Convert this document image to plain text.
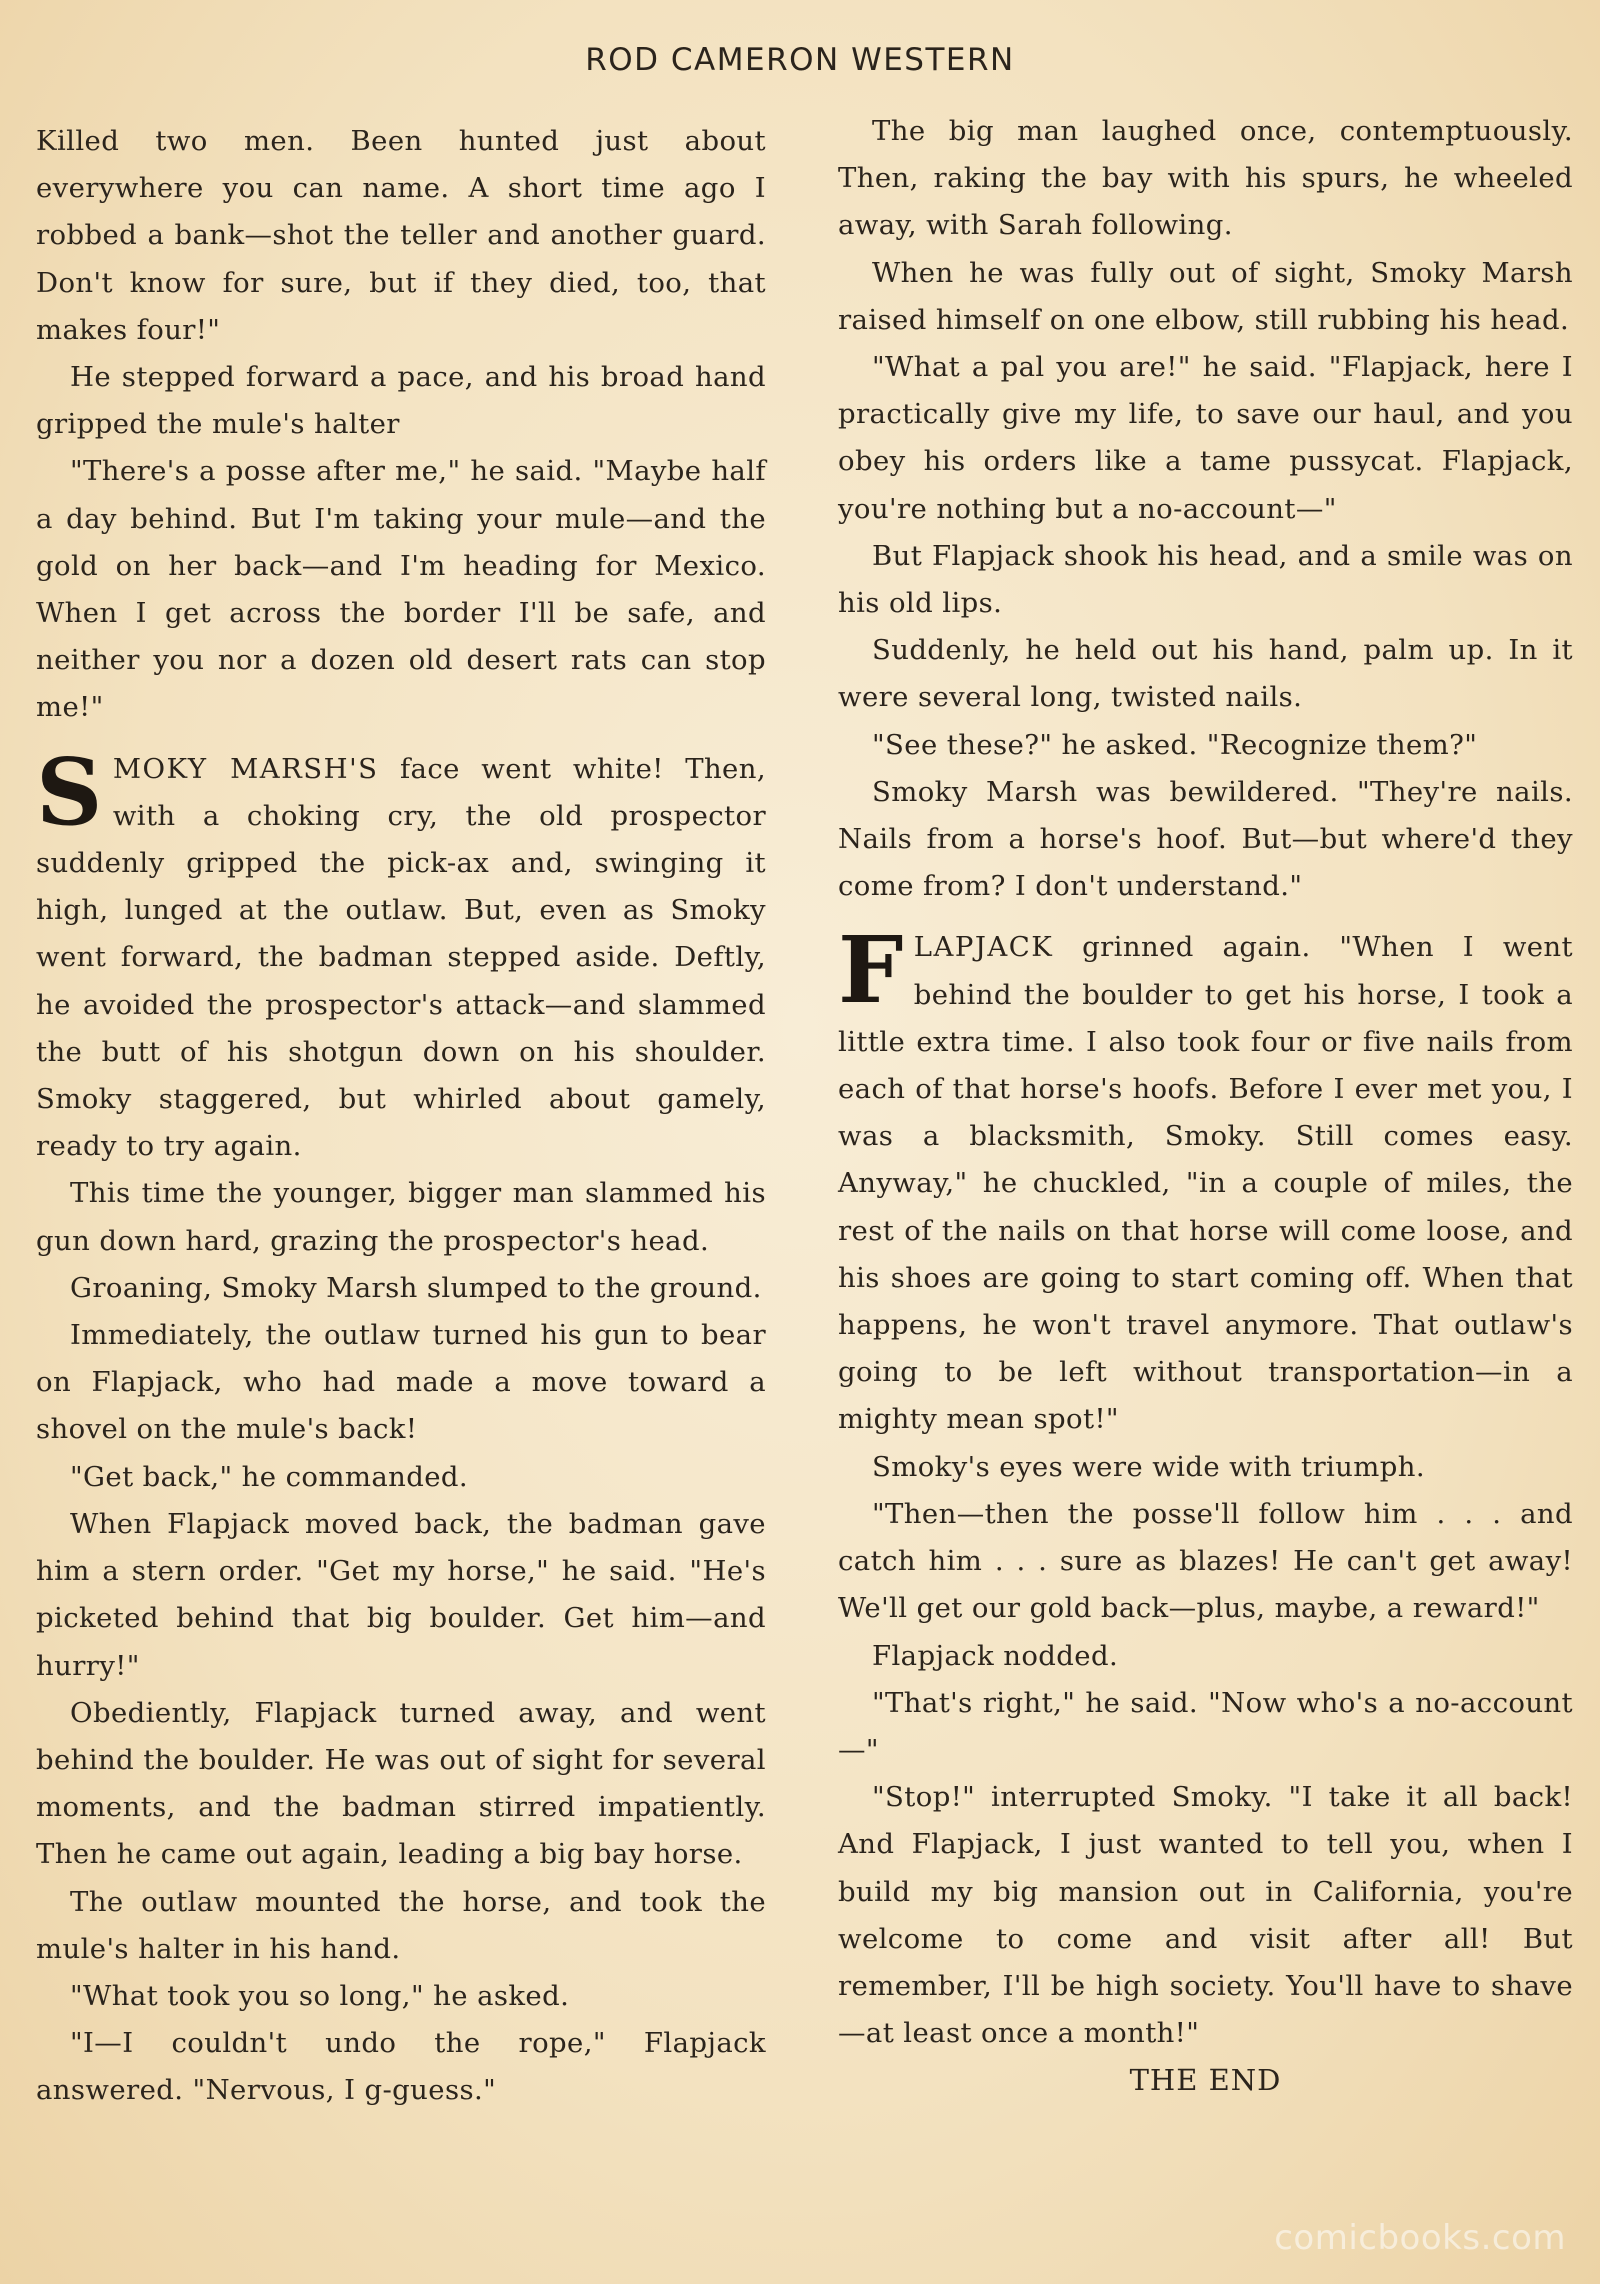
ROD CAMERON WESTERN

Killed two men. Been hunted just about everywhere you can name. A short time ago I robbed a bank—shot the teller and another guard. Don't know for sure, but if they died, too, that makes four!"

He stepped forward a pace, and his broad hand gripped the mule's halter

"There's a posse after me," he said. "Maybe half a day behind. But I'm taking your mule—and the gold on her back—and I'm heading for Mexico. When I get across the border I'll be safe, and neither you nor a dozen old desert rats can stop me!"

SMOKY MARSH'S face went white! Then, with a choking cry, the old prospector suddenly gripped the pick-ax and, swinging it high, lunged at the outlaw. But, even as Smoky went forward, the badman stepped aside. Deftly, he avoided the prospector's attack—and slammed the butt of his shotgun down on his shoulder. Smoky staggered, but whirled about gamely, ready to try again.

This time the younger, bigger man slammed his gun down hard, grazing the prospector's head.

Groaning, Smoky Marsh slumped to the ground.

Immediately, the outlaw turned his gun to bear on Flapjack, who had made a move toward a shovel on the mule's back!

"Get back," he commanded.

When Flapjack moved back, the badman gave him a stern order. "Get my horse," he said. "He's picketed behind that big boulder. Get him—and hurry!"

Obediently, Flapjack turned away, and went behind the boulder. He was out of sight for several moments, and the badman stirred impatiently. Then he came out again, leading a big bay horse.

The outlaw mounted the horse, and took the mule's halter in his hand.

"What took you so long," he asked.

"I—I couldn't undo the rope," Flapjack answered. "Nervous, I g-guess."

The big man laughed once, contemptuously. Then, raking the bay with his spurs, he wheeled away, with Sarah following.

When he was fully out of sight, Smoky Marsh raised himself on one elbow, still rubbing his head.

"What a pal you are!" he said. "Flapjack, here I practically give my life, to save our haul, and you obey his orders like a tame pussycat. Flapjack, you're nothing but a no-account—"

But Flapjack shook his head, and a smile was on his old lips.

Suddenly, he held out his hand, palm up. In it were several long, twisted nails.

"See these?" he asked. "Recognize them?"

Smoky Marsh was bewildered. "They're nails. Nails from a horse's hoof. But—but where'd they come from? I don't understand."

FLAPJACK grinned again. "When I went behind the boulder to get his horse, I took a little extra time. I also took four or five nails from each of that horse's hoofs. Before I ever met you, I was a blacksmith, Smoky. Still comes easy. Anyway," he chuckled, "in a couple of miles, the rest of the nails on that horse will come loose, and his shoes are going to start coming off. When that happens, he won't travel anymore. That outlaw's going to be left without transportation—in a mighty mean spot!"

Smoky's eyes were wide with triumph.

"Then—then the posse'll follow him . . . and catch him . . . sure as blazes! He can't get away! We'll get our gold back—plus, maybe, a reward!"

Flapjack nodded.

"That's right," he said. "Now who's a no-account—"

"Stop!" interrupted Smoky. "I take it all back! And Flapjack, I just wanted to tell you, when I build my big mansion out in California, you're welcome to come and visit after all! But remember, I'll be high society. You'll have to shave—at least once a month!"

THE END

comicbooks.com
